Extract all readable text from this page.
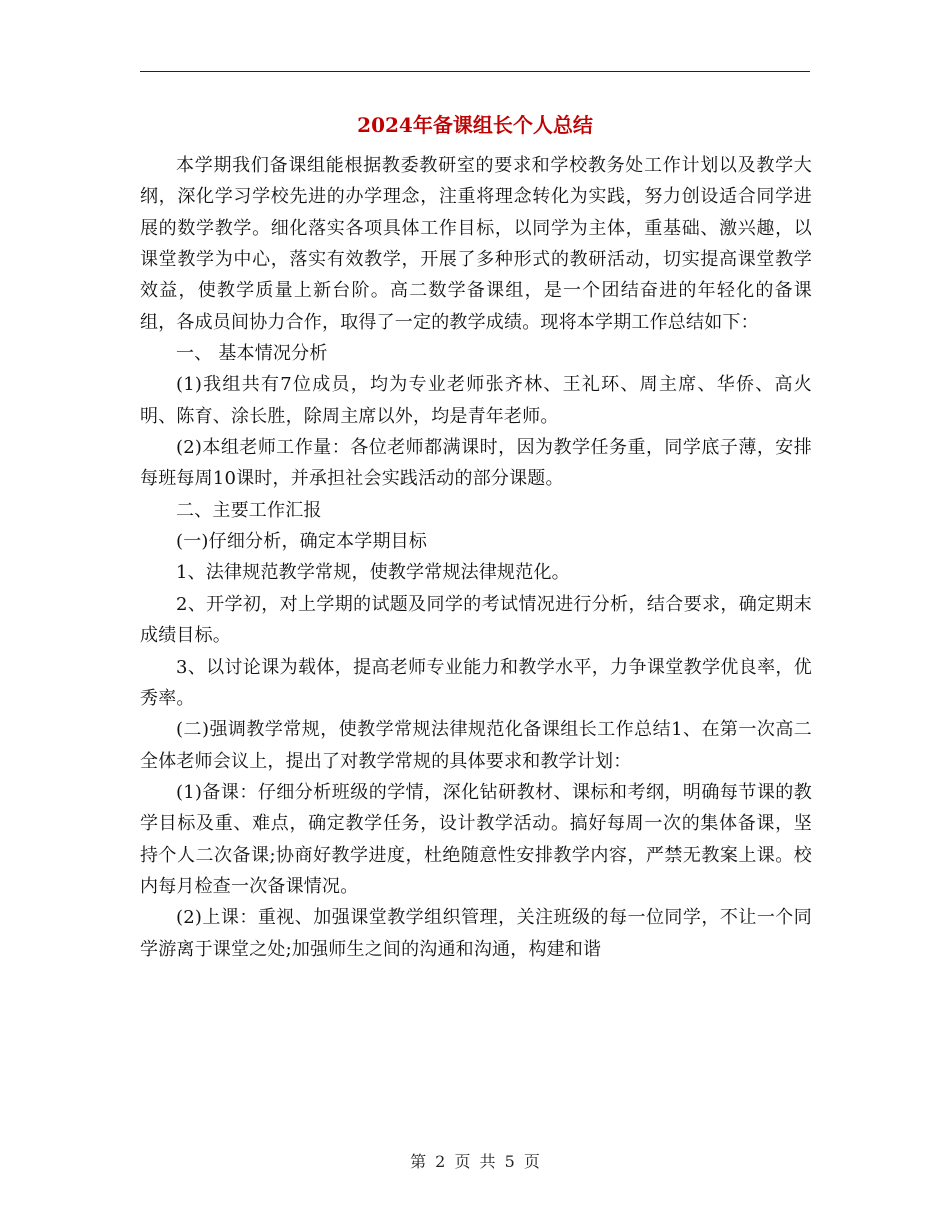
2024年备课组长个人总结

本学期我们备课组能根据教委教研室的要求和学校教务处工作计划以及教学大纲，深化学习学校先进的办学理念，注重将理念转化为实践，努力创设适合同学进展的数学教学。细化落实各项具体工作目标，以同学为主体，重基础、激兴趣，以课堂教学为中心，落实有效教学，开展了多种形式的教研活动，切实提高课堂教学效益，使教学质量上新台阶。高二数学备课组，是一个团结奋进的年轻化的备课组，各成员间协力合作，取得了一定的教学成绩。现将本学期工作总结如下：

一、 基本情况分析

(1)我组共有7位成员，均为专业老师张齐林、王礼环、周主席、华侨、高火明、陈育、涂长胜，除周主席以外，均是青年老师。

(2)本组老师工作量：各位老师都满课时，因为教学任务重，同学底子薄，安排每班每周10课时，并承担社会实践活动的部分课题。

二、主要工作汇报

(一)仔细分析，确定本学期目标

1、法律规范教学常规，使教学常规法律规范化。

2、开学初，对上学期的试题及同学的考试情况进行分析，结合要求，确定期末成绩目标。

3、以讨论课为载体，提高老师专业能力和教学水平，力争课堂教学优良率，优秀率。

(二)强调教学常规，使教学常规法律规范化备课组长工作总结1、在第一次高二全体老师会议上，提出了对教学常规的具体要求和教学计划：

(1)备课：仔细分析班级的学情，深化钻研教材、课标和考纲，明确每节课的教学目标及重、难点，确定教学任务，设计教学活动。搞好每周一次的集体备课，坚持个人二次备课;协商好教学进度，杜绝随意性安排教学内容，严禁无教案上课。校内每月检查一次备课情况。

(2)上课：重视、加强课堂教学组织管理，关注班级的每一位同学，不让一个同学游离于课堂之处;加强师生之间的沟通和沟通，构建和谐

第 2 页 共 5 页
